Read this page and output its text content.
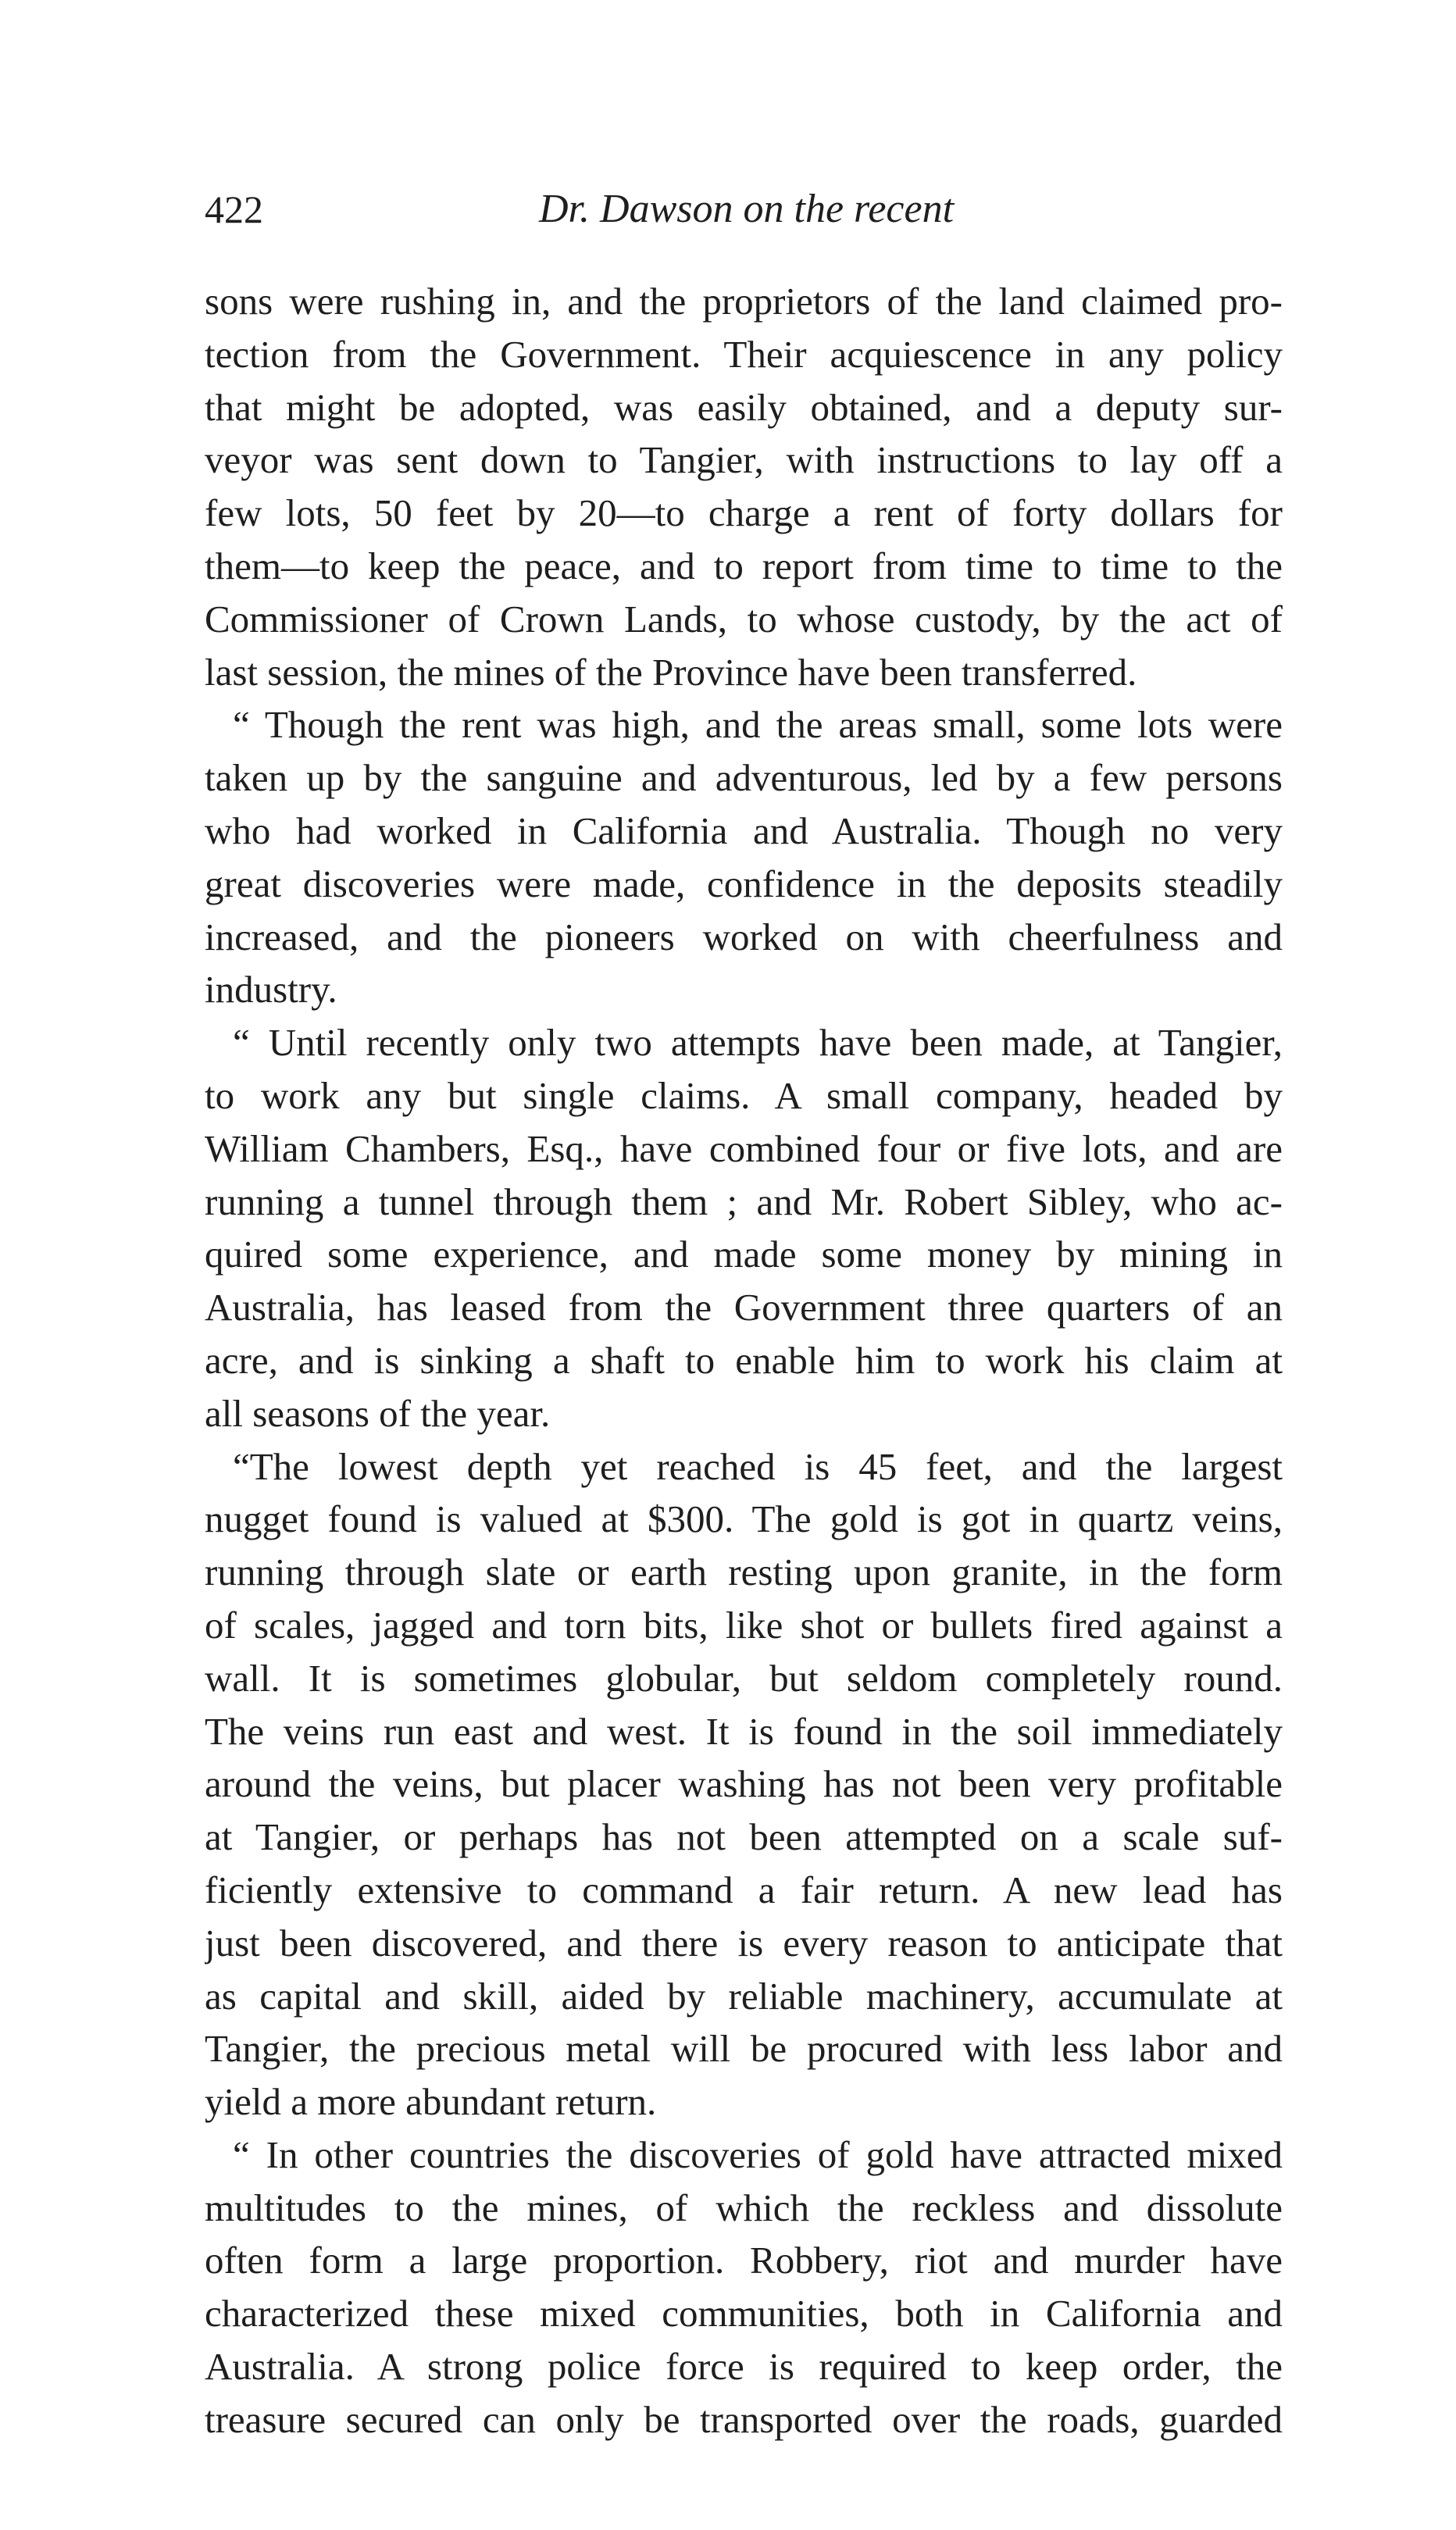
422	Dr. Dawson on the recent
sons were rushing in, and the proprietors of the land claimed pro-
tection from the Government. Their acquiescence in any policy
that might be adopted, was easily obtained, and a deputy sur-
veyor was sent down to Tangier, with instructions to lay off a
few lots, 50 feet by 20—to charge a rent of forty dollars for
them—to keep the peace, and to report from time to time to the
Commissioner of Crown Lands, to whose custody, by the act of
last session, the mines of the Province have been transferred.
“ Though the rent was high, and the areas small, some lots were
taken up by the sanguine and adventurous, led by a few persons
who had worked in California and Australia. Though no very
great discoveries were made, confidence in the deposits steadily
increased, and the pioneers worked on with cheerfulness and
industry.
“ Until recently only two attempts have been made, at Tangier,
to work any but single claims. A small company, headed by
William Chambers, Esq., have combined four or five lots, and are
running a tunnel through them ; and Mr. Robert Sibley, who ac-
quired some experience, and made some money by mining in
Australia, has leased from the Government three quarters of an
acre, and is sinking a shaft to enable him to work his claim at
all seasons of the year.
“The lowest depth yet reached is 45 feet, and the largest
nugget found is valued at $300. The gold is got in quartz veins,
running through slate or earth resting upon granite, in the form
of scales, jagged and torn bits, like shot or bullets fired against a
wall. It is sometimes globular, but seldom completely round.
The veins run east and west. It is found in the soil immediately
around the veins, but placer washing has not been very profitable
at Tangier, or perhaps has not been attempted on a scale suf-
ficiently extensive to command a fair return. A new lead has
just been discovered, and there is every reason to anticipate that
as capital and skill, aided by reliable machinery, accumulate at
Tangier, the precious metal will be procured with less labor and
yield a more abundant return.
“ In other countries the discoveries of gold have attracted mixed
multitudes to the mines, of which the reckless and dissolute
often form a large proportion. Robbery, riot and murder have
characterized these mixed communities, both in California and
Australia. A strong police force is required to keep order, the
treasure secured can only be transported over the roads, guarded
